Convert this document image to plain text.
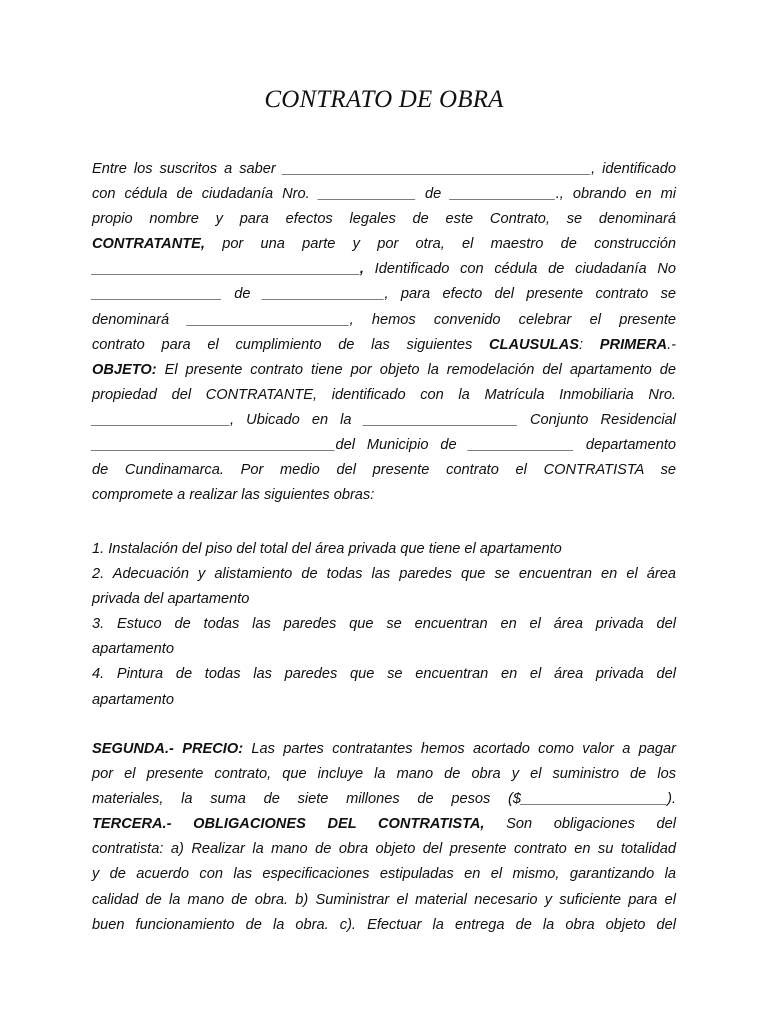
CONTRATO DE OBRA
Entre los suscritos a saber ______________________________________, identificado
con cédula de ciudadanía Nro. ____________ de _____________., obrando en mi
propio nombre y para efectos legales de este Contrato, se denominará
CONTRATANTE, por una parte y por otra, el maestro de construcción
_________________________________, Identificado con cédula de ciudadanía No
________________ de _______________, para efecto del presente contrato se
denominará ____________________, hemos convenido celebrar el presente
contrato para el cumplimiento de las siguientes CLAUSULAS: PRIMERA.-
OBJETO: El presente contrato tiene por objeto la remodelación del apartamento de
propiedad del CONTRATANTE, identificado con la Matrícula Inmobiliaria Nro.
_________________, Ubicado en la ___________________ Conjunto Residencial
______________________________del Municipio de _____________ departamento
de Cundinamarca. Por medio del presente contrato el CONTRATISTA se
compromete a realizar las siguientes obras:
1. Instalación del piso del total del área privada que tiene el apartamento
2. Adecuación y alistamiento de todas las paredes que se encuentran en el área
privada del apartamento
3. Estuco de todas las paredes que se encuentran en el área privada del
apartamento
4. Pintura de todas las paredes que se encuentran en el área privada del
apartamento
SEGUNDA.- PRECIO: Las partes contratantes hemos acortado como valor a pagar
por el presente contrato, que incluye la mano de obra y el suministro de los
materiales, la suma de siete millones de pesos ($__________________).
TERCERA.- OBLIGACIONES DEL CONTRATISTA, Son obligaciones del
contratista: a) Realizar la mano de obra objeto del presente contrato en su totalidad
y de acuerdo con las especificaciones estipuladas en el mismo, garantizando la
calidad de la mano de obra. b) Suministrar el material necesario y suficiente para el
buen funcionamiento de la obra. c). Efectuar la entrega de la obra objeto del
